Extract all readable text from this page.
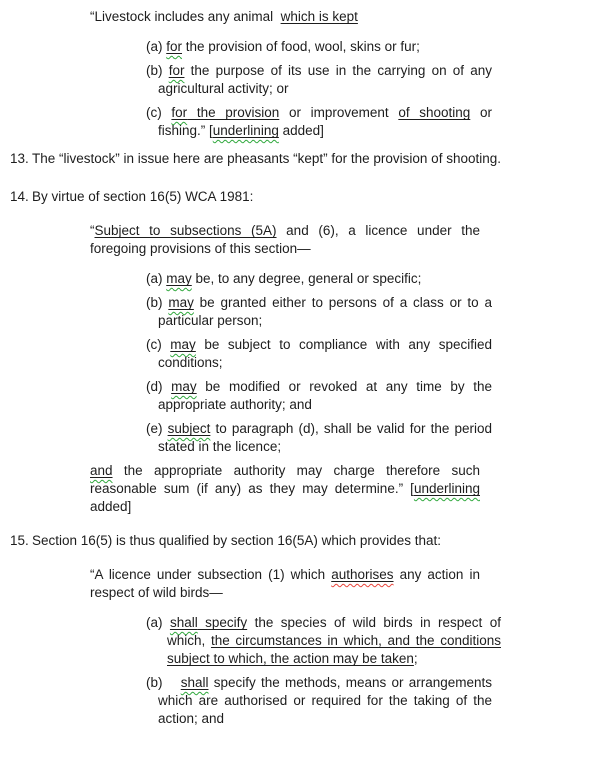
“Livestock includes any animal  which is kept
(a) for the provision of food, wool, skins or fur;
(b) for the purpose of its use in the carrying on of any agricultural activity; or
(c) for the provision or improvement of shooting or fishing.” [underlining added]
13. The “livestock” in issue here are pheasants “kept” for the provision of shooting.
14. By virtue of section 16(5) WCA 1981:
“Subject to subsections (5A) and (6), a licence under the foregoing provisions of this section—
(a) may be, to any degree, general or specific;
(b) may be granted either to persons of a class or to a particular person;
(c) may be subject to compliance with any specified conditions;
(d) may be modified or revoked at any time by the appropriate authority; and
(e) subject to paragraph (d), shall be valid for the period stated in the licence;
and the appropriate authority may charge therefore such reasonable sum (if any) as they may determine.” [underlining added]
15. Section 16(5) is thus qualified by section 16(5A) which provides that:
“A licence under subsection (1) which authorises any action in respect of wild birds—
(a) shall specify the species of wild birds in respect of which, the circumstances in which, and the conditions subject to which, the action may be taken;
(b) shall specify the methods, means or arrangements which are authorised or required for the taking of the action; and
